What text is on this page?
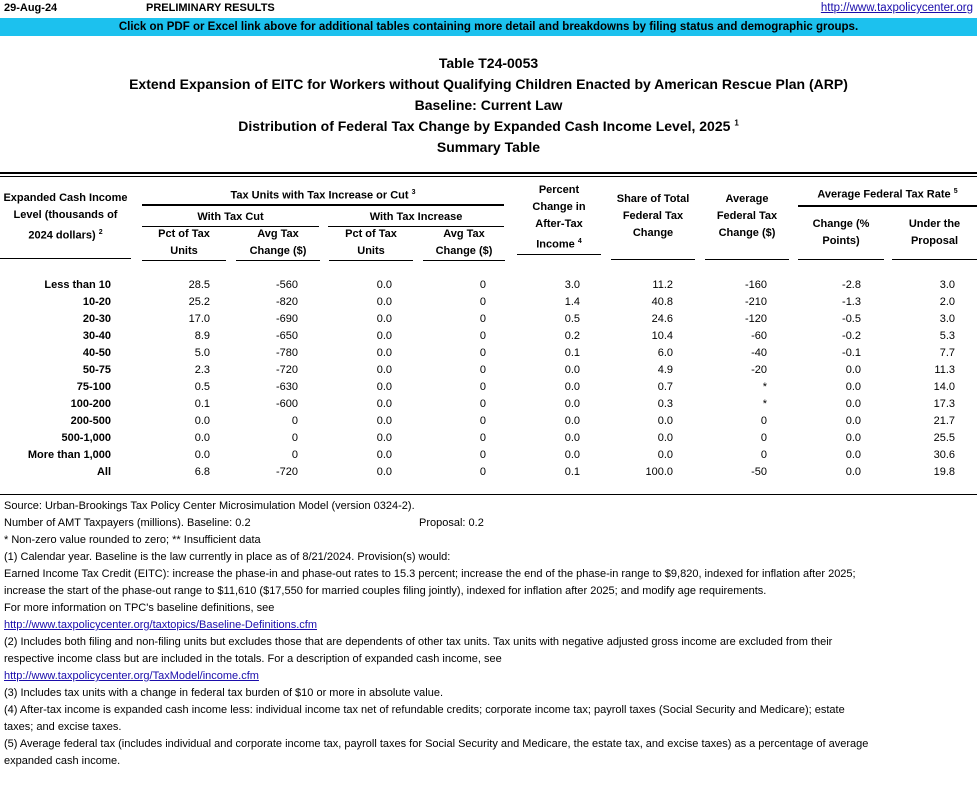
29-Aug-24	PRELIMINARY RESULTS	http://www.taxpolicycenter.org
Click on PDF or Excel link above for additional tables containing more detail and breakdowns by filing status and demographic groups.
Table T24-0053
Extend Expansion of EITC for Workers without Qualifying Children Enacted by American Rescue Plan (ARP)
Baseline: Current Law
Distribution of Federal Tax Change by Expanded Cash Income Level, 2025 $^1$
Summary Table
Expanded Cash Income
Level (thousands of
2024 dollars) $^2$
Tax Units with Tax Increase or Cut $^3$
With Tax Cut	With Tax Increase
Pct of Tax
Units
Avg Tax
Change ($)
Pct of Tax
Units
Avg Tax
Change ($)
Percent
Change in
After-Tax
Income $^4$
Share of Total
Federal Tax
Change
Average
Federal Tax
Change ($)
Average Federal Tax Rate $^5$
Change (%
Points)
Under the
Proposal
Less than 10	28.5	-560	0.0	0	3.0	11.2	-160	-2.8	3.0
10-20	25.2	-820	0.0	0	1.4	40.8	-210	-1.3	2.0
20-30	17.0	-690	0.0	0	0.5	24.6	-120	-0.5	3.0
30-40	8.9	-650	0.0	0	0.2	10.4	-60	-0.2	5.3
40-50	5.0	-780	0.0	0	0.1	6.0	-40	-0.1	7.7
50-75	2.3	-720	0.0	0	0.0	4.9	-20	0.0	11.3
75-100	0.5	-630	0.0	0	0.0	0.7	*	0.0	14.0
100-200	0.1	-600	0.0	0	0.0	0.3	*	0.0	17.3
200-500	0.0	0	0.0	0	0.0	0.0	0	0.0	21.7
500-1,000	0.0	0	0.0	0	0.0	0.0	0	0.0	25.5
More than 1,000	0.0	0	0.0	0	0.0	0.0	0	0.0	30.6
All	6.8	-720	0.0	0	0.1	100.0	-50	0.0	19.8
Source: Urban-Brookings Tax Policy Center Microsimulation Model (version 0324-2).
Number of AMT Taxpayers (millions). Baseline: 0.2	Proposal: 0.2
* Non-zero value rounded to zero; ** Insufficient data
(1) Calendar year. Baseline is the law currently in place as of 8/21/2024. Provision(s) would:
Earned Income Tax Credit (EITC): increase the phase-in and phase-out rates to 15.3 percent; increase the end of the phase-in range to $9,820, indexed for inflation after 2025;
increase the start of the phase-out range to $11,610 ($17,550 for married couples filing jointly), indexed for inflation after 2025; and modify age requirements.
For more information on TPC's baseline definitions, see
http://www.taxpolicycenter.org/taxtopics/Baseline-Definitions.cfm
(2) Includes both filing and non-filing units but excludes those that are dependents of other tax units. Tax units with negative adjusted gross income are excluded from their
respective income class but are included in the totals. For a description of expanded cash income, see
http://www.taxpolicycenter.org/TaxModel/income.cfm
(3) Includes tax units with a change in federal tax burden of $10 or more in absolute value.
(4) After-tax income is expanded cash income less: individual income tax net of refundable credits; corporate income tax; payroll taxes (Social Security and Medicare); estate
taxes; and excise taxes.
(5) Average federal tax (includes individual and corporate income tax, payroll taxes for Social Security and Medicare, the estate tax, and excise taxes) as a percentage of average
expanded cash income.
